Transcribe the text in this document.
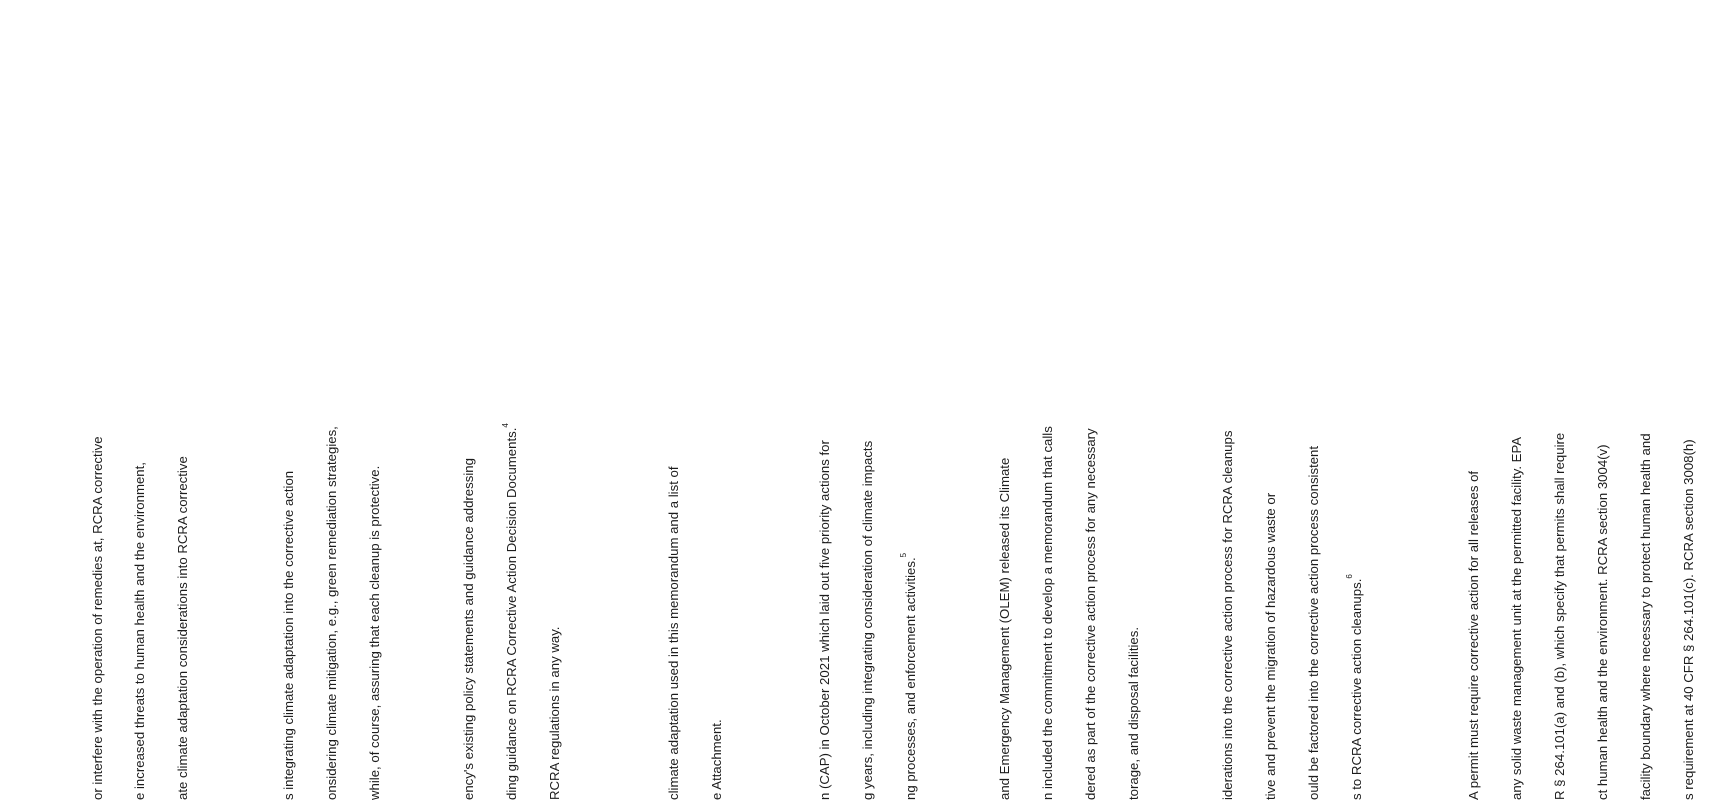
or interfere with the operation of remedies at, RCRA corrective

e increased threats to human health and the environment,

ate climate adaptation considerations into RCRA corrective

	s integrating climate adaptation into the corrective action

onsidering climate mitigation, e.g., green remediation strategies,

while, of course, assuring that each cleanup is protective.

	ency's existing policy statements and guidance addressing

ding guidance on RCRA Corrective Action Decision Documents.$^4$

RCRA regulations in any way.

	climate adaptation used in this memorandum and a list of

e Attachment.

	n (CAP) in October 2021 which laid out five priority actions for

g years, including integrating consideration of climate impacts

ng processes, and enforcement activities.$^5$

	and Emergency Management (OLEM) released its Climate

n included the commitment to develop a memorandum that calls

dered as part of the corrective action process for any necessary

torage, and disposal facilities.

	iderations into the corrective action process for RCRA cleanups

tive and prevent the migration of hazardous waste or

ould be factored into the corrective action process consistent

s to RCRA corrective action cleanups.$^6$

	A permit must require corrective action for all releases of

any solid waste management unit at the permitted facility. EPA

R § 264.101(a) and (b), which specify that permits shall require

ct human health and the environment. RCRA section 3004(v)

facility boundary where necessary to protect human health and

s requirement at 40 CFR § 264.101(c). RCRA section 3008(h)
